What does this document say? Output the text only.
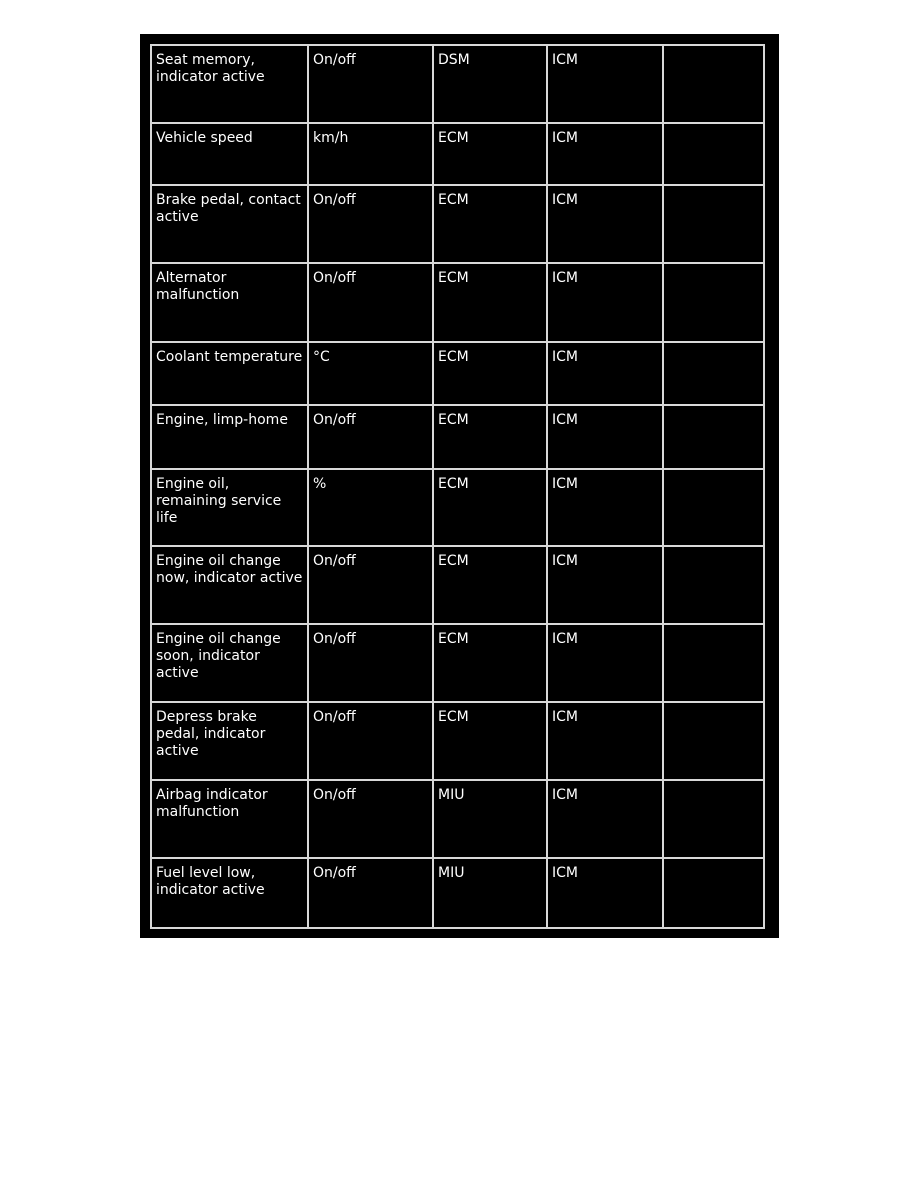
Seat memory, indicator active	On/off	DSM	ICM	
Vehicle speed	km/h	ECM	ICM	
Brake pedal, contact active	On/off	ECM	ICM	
Alternator malfunction	On/off	ECM	ICM	
Coolant temperature	°C	ECM	ICM	
Engine, limp-home	On/off	ECM	ICM	
Engine oil, remaining service life	%	ECM	ICM	
Engine oil change now, indicator active	On/off	ECM	ICM	
Engine oil change soon, indicator active	On/off	ECM	ICM	
Depress brake pedal, indicator active	On/off	ECM	ICM	
Airbag indicator malfunction	On/off	MIU	ICM	
Fuel level low, indicator active	On/off	MIU	ICM	
